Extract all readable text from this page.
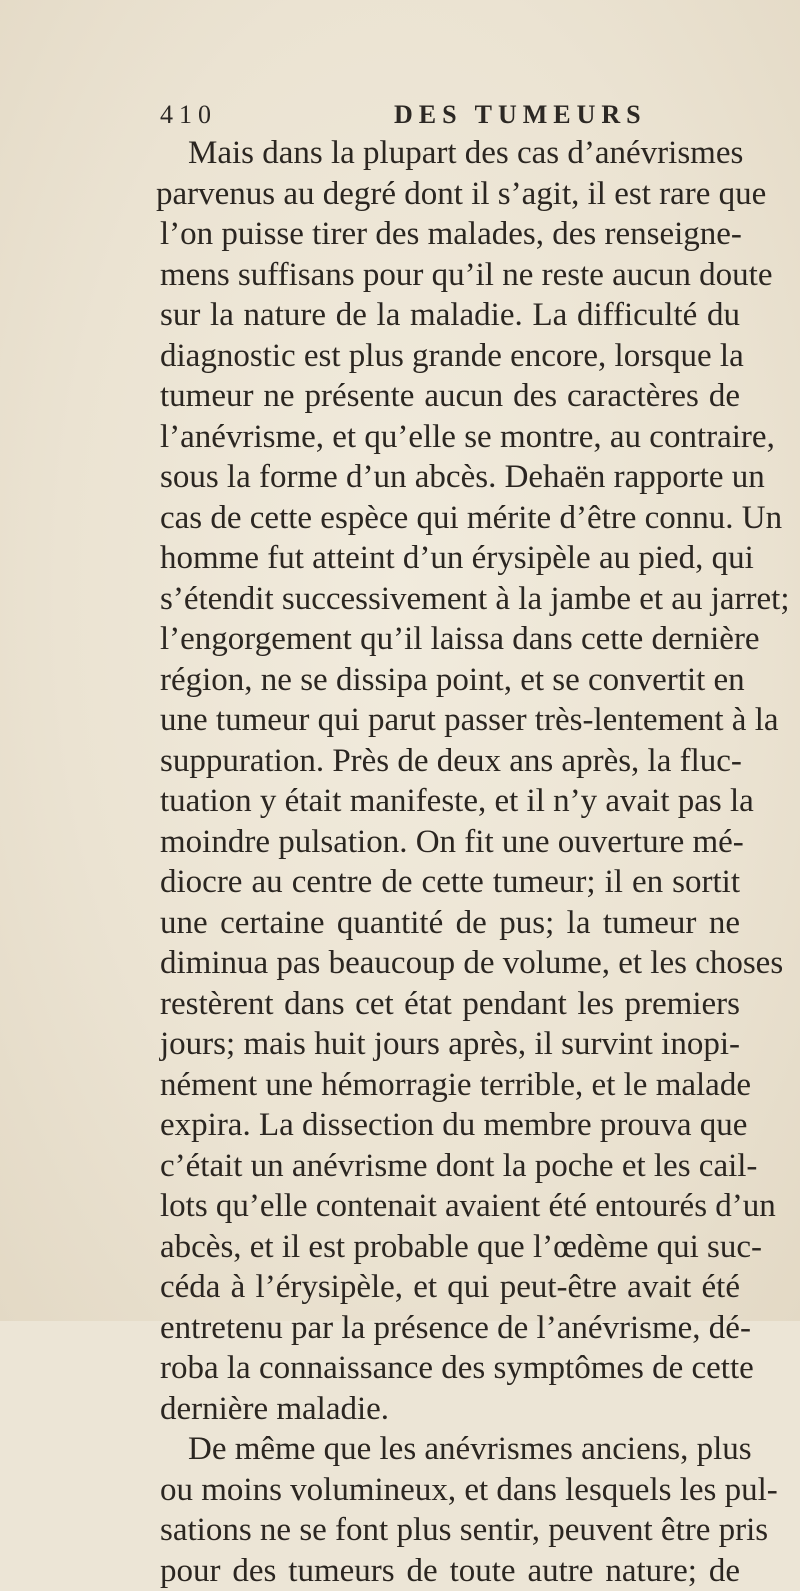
410	DES TUMEURS
Mais dans la plupart des cas d’anévrismes
parvenus au degré dont il s’agit, il est rare que
l’on puisse tirer des malades, des renseigne-
mens suffisans pour qu’il ne reste aucun doute
sur la nature de la maladie. La difficulté du
diagnostic est plus grande encore, lorsque la
tumeur ne présente aucun des caractères de
l’anévrisme, et qu’elle se montre, au contraire,
sous la forme d’un abcès. Dehaën rapporte un
cas de cette espèce qui mérite d’être connu. Un
homme fut atteint d’un érysipèle au pied, qui
s’étendit successivement à la jambe et au jarret;
l’engorgement qu’il laissa dans cette dernière
région, ne se dissipa point, et se convertit en
une tumeur qui parut passer très-lentement à la
suppuration. Près de deux ans après, la fluc-
tuation y était manifeste, et il n’y avait pas la
moindre pulsation. On fit une ouverture mé-
diocre au centre de cette tumeur; il en sortit
une certaine quantité de pus; la tumeur ne
diminua pas beaucoup de volume, et les choses
restèrent dans cet état pendant les premiers
jours; mais huit jours après, il survint inopi-
nément une hémorragie terrible, et le malade
expira. La dissection du membre prouva que
c’était un anévrisme dont la poche et les cail-
lots qu’elle contenait avaient été entourés d’un
abcès, et il est probable que l’œdème qui suc-
céda à l’érysipèle, et qui peut-être avait été
entretenu par la présence de l’anévrisme, dé-
roba la connaissance des symptômes de cette
dernière maladie.
De même que les anévrismes anciens, plus
ou moins volumineux, et dans lesquels les pul-
sations ne se font plus sentir, peuvent être pris
pour des tumeurs de toute autre nature; de
